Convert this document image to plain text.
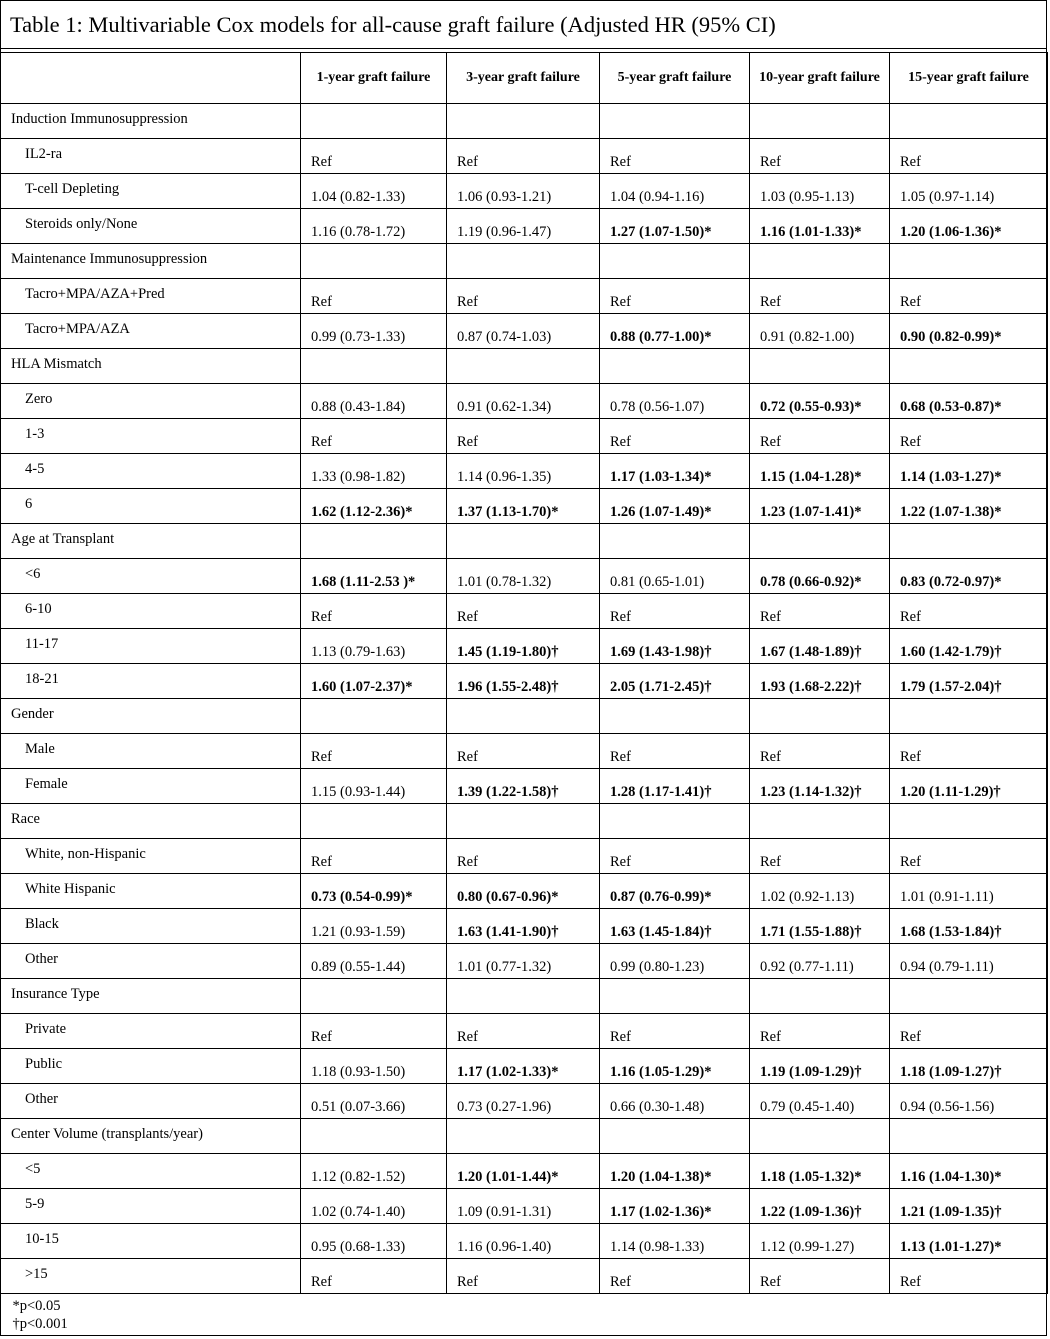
Table 1: Multivariable Cox models for all-cause graft failure (Adjusted HR (95% CI)
	1-year graft failure	3-year graft failure	5-year graft failure	10-year graft failure	15-year graft failure
Induction Immunosuppression					
IL2-ra	Ref	Ref	Ref	Ref	Ref
T-cell Depleting	1.04 (0.82-1.33)	1.06 (0.93-1.21)	1.04 (0.94-1.16)	1.03 (0.95-1.13)	1.05 (0.97-1.14)
Steroids only/None	1.16 (0.78-1.72)	1.19 (0.96-1.47)	1.27 (1.07-1.50)*	1.16 (1.01-1.33)*	1.20 (1.06-1.36)*
Maintenance Immunosuppression					
Tacro+MPA/AZA+Pred	Ref	Ref	Ref	Ref	Ref
Tacro+MPA/AZA	0.99 (0.73-1.33)	0.87 (0.74-1.03)	0.88 (0.77-1.00)*	0.91 (0.82-1.00)	0.90 (0.82-0.99)*
HLA Mismatch					
Zero	0.88 (0.43-1.84)	0.91 (0.62-1.34)	0.78 (0.56-1.07)	0.72 (0.55-0.93)*	0.68 (0.53-0.87)*
1-3	Ref	Ref	Ref	Ref	Ref
4-5	1.33 (0.98-1.82)	1.14 (0.96-1.35)	1.17 (1.03-1.34)*	1.15 (1.04-1.28)*	1.14 (1.03-1.27)*
6	1.62 (1.12-2.36)*	1.37 (1.13-1.70)*	1.26 (1.07-1.49)*	1.23 (1.07-1.41)*	1.22 (1.07-1.38)*
Age at Transplant					
<6	1.68 (1.11-2.53 )*	1.01 (0.78-1.32)	0.81 (0.65-1.01)	0.78 (0.66-0.92)*	0.83 (0.72-0.97)*
6-10	Ref	Ref	Ref	Ref	Ref
11-17	1.13 (0.79-1.63)	1.45 (1.19-1.80)†	1.69 (1.43-1.98)†	1.67 (1.48-1.89)†	1.60 (1.42-1.79)†
18-21	1.60 (1.07-2.37)*	1.96 (1.55-2.48)†	2.05 (1.71-2.45)†	1.93 (1.68-2.22)†	1.79 (1.57-2.04)†
Gender					
Male	Ref	Ref	Ref	Ref	Ref
Female	1.15 (0.93-1.44)	1.39 (1.22-1.58)†	1.28 (1.17-1.41)†	1.23 (1.14-1.32)†	1.20 (1.11-1.29)†
Race					
White, non-Hispanic	Ref	Ref	Ref	Ref	Ref
White Hispanic	0.73 (0.54-0.99)*	0.80 (0.67-0.96)*	0.87 (0.76-0.99)*	1.02 (0.92-1.13)	1.01 (0.91-1.11)
Black	1.21 (0.93-1.59)	1.63 (1.41-1.90)†	1.63 (1.45-1.84)†	1.71 (1.55-1.88)†	1.68 (1.53-1.84)†
Other	0.89 (0.55-1.44)	1.01 (0.77-1.32)	0.99 (0.80-1.23)	0.92 (0.77-1.11)	0.94 (0.79-1.11)
Insurance Type					
Private	Ref	Ref	Ref	Ref	Ref
Public	1.18 (0.93-1.50)	1.17 (1.02-1.33)*	1.16 (1.05-1.29)*	1.19 (1.09-1.29)†	1.18 (1.09-1.27)†
Other	0.51 (0.07-3.66)	0.73 (0.27-1.96)	0.66 (0.30-1.48)	0.79 (0.45-1.40)	0.94 (0.56-1.56)
Center Volume (transplants/year)					
<5	1.12 (0.82-1.52)	1.20 (1.01-1.44)*	1.20 (1.04-1.38)*	1.18 (1.05-1.32)*	1.16 (1.04-1.30)*
5-9	1.02 (0.74-1.40)	1.09 (0.91-1.31)	1.17 (1.02-1.36)*	1.22 (1.09-1.36)†	1.21 (1.09-1.35)†
10-15	0.95 (0.68-1.33)	1.16 (0.96-1.40)	1.14 (0.98-1.33)	1.12 (0.99-1.27)	1.13 (1.01-1.27)*
>15	Ref	Ref	Ref	Ref	Ref

*p<0.05
†p<0.001					
